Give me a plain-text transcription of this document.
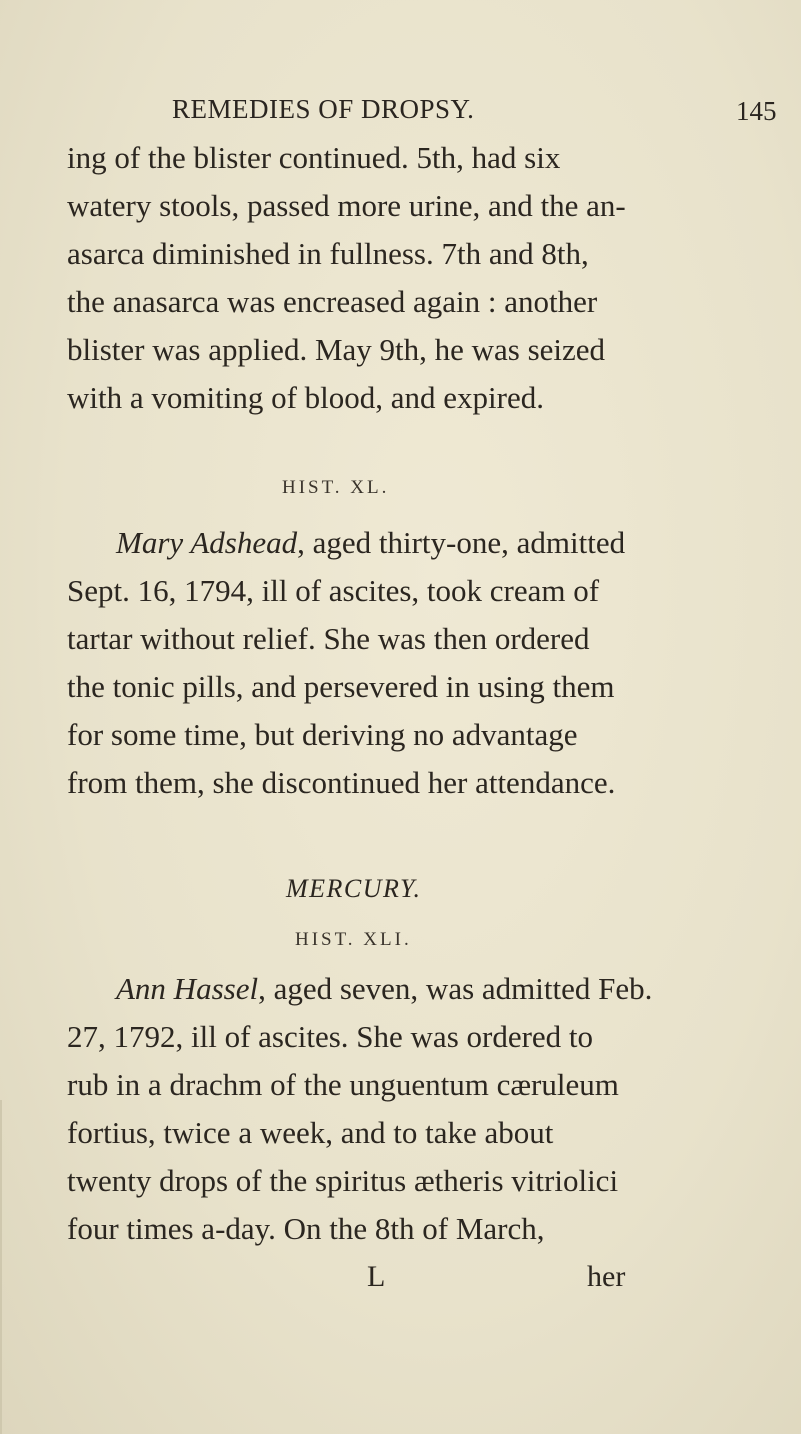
REMEDIES OF DROPSY.	145
ing of the blister continued. 5th, had six
watery stools, passed more urine, and the an-
asarca diminished in fullness. 7th and 8th,
the anasarca was encreased again : another
blister was applied. May 9th, he was seized
with a vomiting of blood, and expired.
HIST. XL.
Mary Adshead, aged thirty-one, admitted
Sept. 16, 1794, ill of ascites, took cream of
tartar without relief. She was then ordered
the tonic pills, and persevered in using them
for some time, but deriving no advantage
from them, she discontinued her attendance.
MERCURY.
HIST. XLI.
Ann Hassel, aged seven, was admitted Feb.
27, 1792, ill of ascites. She was ordered to
rub in a drachm of the unguentum cæruleum
fortius, twice a week, and to take about
twenty drops of the spiritus ætheris vitriolici
four times a-day. On the 8th of March,
L	her
